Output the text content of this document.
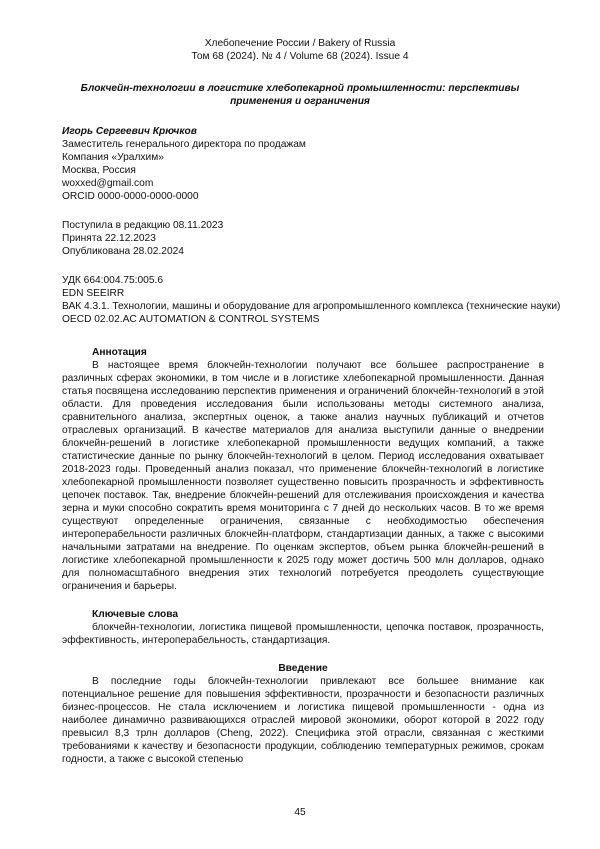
Хлебопечение России / Bakery of Russia
Том 68 (2024). № 4 / Volume 68 (2024). Issue 4
Блокчейн-технологии в логистике хлебопекарной промышленности: перспективы применения и ограничения
Игорь Сергеевич Крючков
Заместитель генерального директора по продажам
Компания «Уралхим»
Москва, Россия
woxxed@gmail.com
ORCID 0000-0000-0000-0000
Поступила в редакцию 08.11.2023
Принята 22.12.2023
Опубликована 28.02.2024
УДК 664:004.75:005.6
EDN SEEIRR
ВАК 4.3.1. Технологии, машины и оборудование для агропромышленного комплекса (технические науки)
OECD 02.02.AC AUTOMATION & CONTROL SYSTEMS
Аннотация
В настоящее время блокчейн-технологии получают все большее распространение в различных сферах экономики, в том числе и в логистике хлебопекарной промышленности. Данная статья посвящена исследованию перспектив применения и ограничений блокчейн-технологий в этой области. Для проведения исследования были использованы методы системного анализа, сравнительного анализа, экспертных оценок, а также анализ научных публикаций и отчетов отраслевых организаций. В качестве материалов для анализа выступили данные о внедрении блокчейн-решений в логистике хлебопекарной промышленности ведущих компаний, а также статистические данные по рынку блокчейн-технологий в целом. Период исследования охватывает 2018-2023 годы. Проведенный анализ показал, что применение блокчейн-технологий в логистике хлебопекарной промышленности позволяет существенно повысить прозрачность и эффективность цепочек поставок. Так, внедрение блокчейн-решений для отслеживания происхождения и качества зерна и муки способно сократить время мониторинга с 7 дней до нескольких часов. В то же время существуют определенные ограничения, связанные с необходимостью обеспечения интероперабельности различных блокчейн-платформ, стандартизации данных, а также с высокими начальными затратами на внедрение. По оценкам экспертов, объем рынка блокчейн-решений в логистике хлебопекарной промышленности к 2025 году может достичь 500 млн долларов, однако для полномасштабного внедрения этих технологий потребуется преодолеть существующие ограничения и барьеры.
Ключевые слова
блокчейн-технологии, логистика пищевой промышленности, цепочка поставок, прозрачность, эффективность, интероперабельность, стандартизация.
Введение
В последние годы блокчейн-технологии привлекают все большее внимание как потенциальное решение для повышения эффективности, прозрачности и безопасности различных бизнес-процессов. Не стала исключением и логистика пищевой промышленности - одна из наиболее динамично развивающихся отраслей мировой экономики, оборот которой в 2022 году превысил 8,3 трлн долларов (Cheng, 2022). Специфика этой отрасли, связанная с жесткими требованиями к качеству и безопасности продукции, соблюдению температурных режимов, срокам годности, а также с высокой степенью
45
